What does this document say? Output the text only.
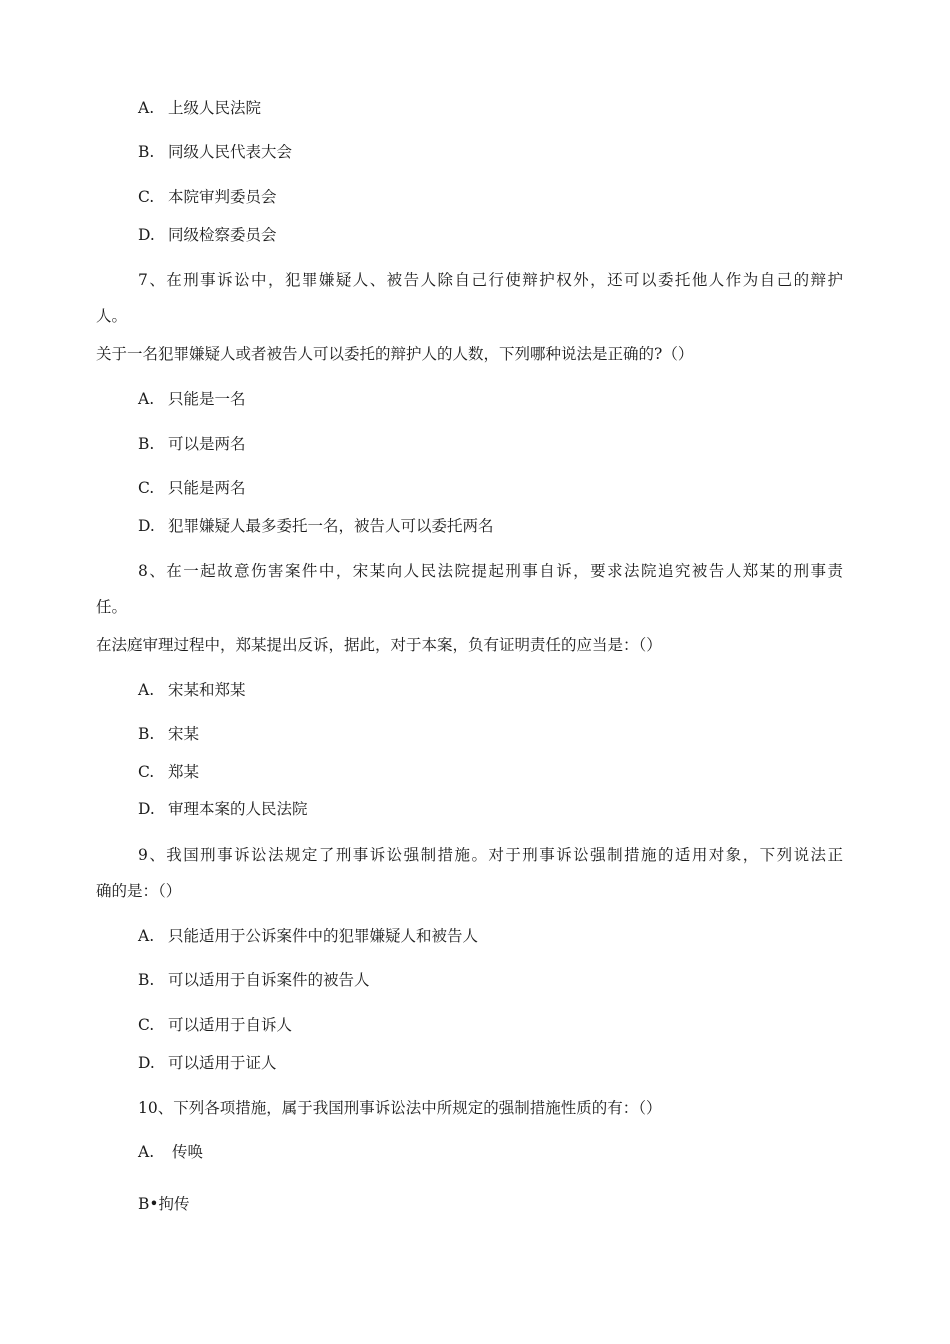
A. 上级人民法院

B. 同级人民代表大会

C. 本院审判委员会

D. 同级检察委员会

7、在刑事诉讼中，犯罪嫌疑人、被告人除自己行使辩护权外，还可以委托他人作为自己的辩护

人。

关于一名犯罪嫌疑人或者被告人可以委托的辩护人的人数，下列哪种说法是正确的?（）

A. 只能是一名

B. 可以是两名

C. 只能是两名

D. 犯罪嫌疑人最多委托一名，被告人可以委托两名

8、在一起故意伤害案件中，宋某向人民法院提起刑事自诉，要求法院追究被告人郑某的刑事责

任。

在法庭审理过程中，郑某提出反诉，据此，对于本案，负有证明责任的应当是：（）

A. 宋某和郑某

B. 宋某

C. 郑某

D. 审理本案的人民法院

9、我国刑事诉讼法规定了刑事诉讼强制措施。对于刑事诉讼强制措施的适用对象，下列说法正

确的是：（）

A. 只能适用于公诉案件中的犯罪嫌疑人和被告人

B. 可以适用于自诉案件的被告人

C. 可以适用于自诉人

D. 可以适用于证人

10、下列各项措施，属于我国刑事诉讼法中所规定的强制措施性质的有：（）

A. 传唤

B•拘传
